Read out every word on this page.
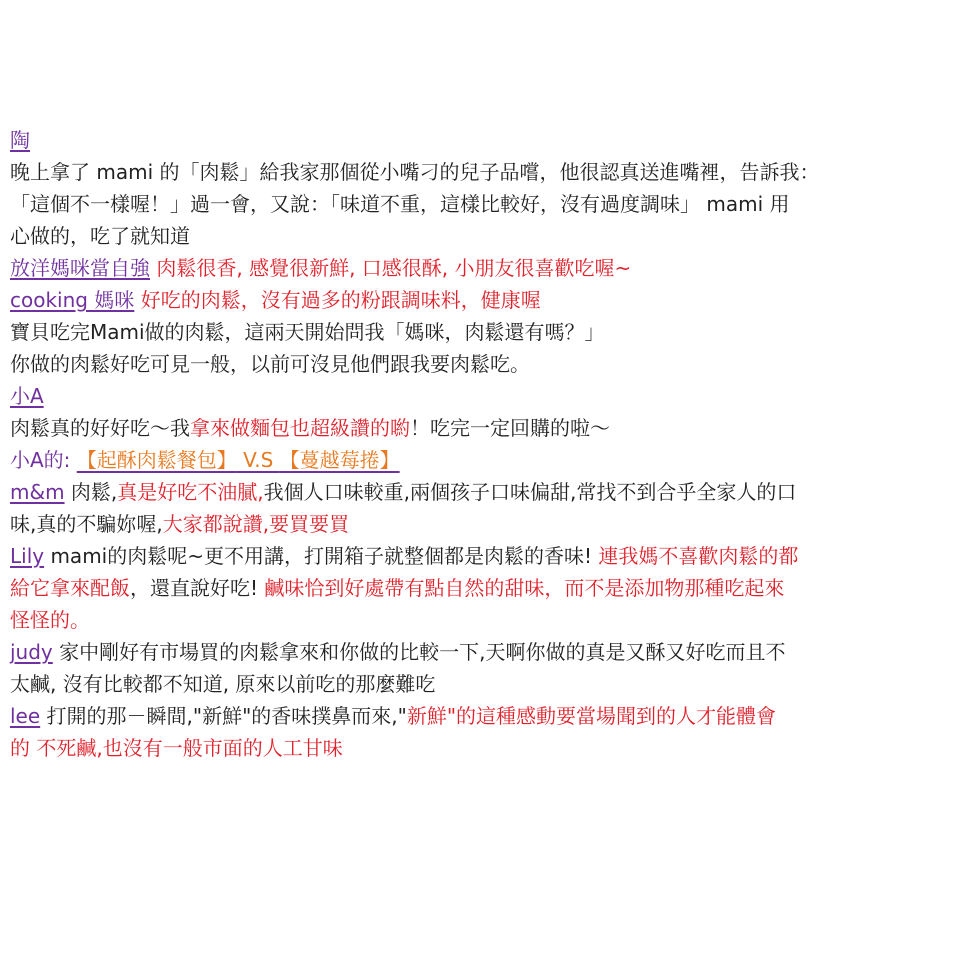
陶
晚上拿了 mami 的「肉鬆」給我家那個從小嘴刁的兒子品嚐，他很認真送進嘴裡，告訴我：
「這個不一樣喔！」過一會，又說：「味道不重，這樣比較好，沒有過度調味」 mami 用
心做的，吃了就知道
放洋媽咪當自強 肉鬆很香, 感覺很新鮮, 口感很酥, 小朋友很喜歡吃喔~
cooking 媽咪 好吃的肉鬆，沒有過多的粉跟調味料，健康喔
寶貝吃完Mami做的肉鬆，這兩天開始問我「媽咪，肉鬆還有嗎？」
你做的肉鬆好吃可見一般，以前可沒見他們跟我要肉鬆吃。
小A
肉鬆真的好好吃～我拿來做麵包也超級讚的喲！吃完一定回購的啦～
小A的: 【起酥肉鬆餐包】 V.S 【蔓越莓捲】
m&m 肉鬆,真是好吃不油膩,我個人口味較重,兩個孩子口味偏甜,常找不到合乎全家人的口
味,真的不騙妳喔,大家都說讚,要買要買
Lily mami的肉鬆呢~更不用講，打開箱子就整個都是肉鬆的香味! 連我媽不喜歡肉鬆的都
給它拿來配飯，還直說好吃! 鹹味恰到好處帶有點自然的甜味，而不是添加物那種吃起來
怪怪的。
judy 家中剛好有市場買的肉鬆拿來和你做的比較一下,天啊你做的真是又酥又好吃而且不
太鹹, 沒有比較都不知道, 原來以前吃的那麼難吃
lee 打開的那－瞬間,"新鮮"的香味撲鼻而來,"新鮮"的這種感動要當場聞到的人才能體會
的 不死鹹,也沒有一般市面的人工甘味
